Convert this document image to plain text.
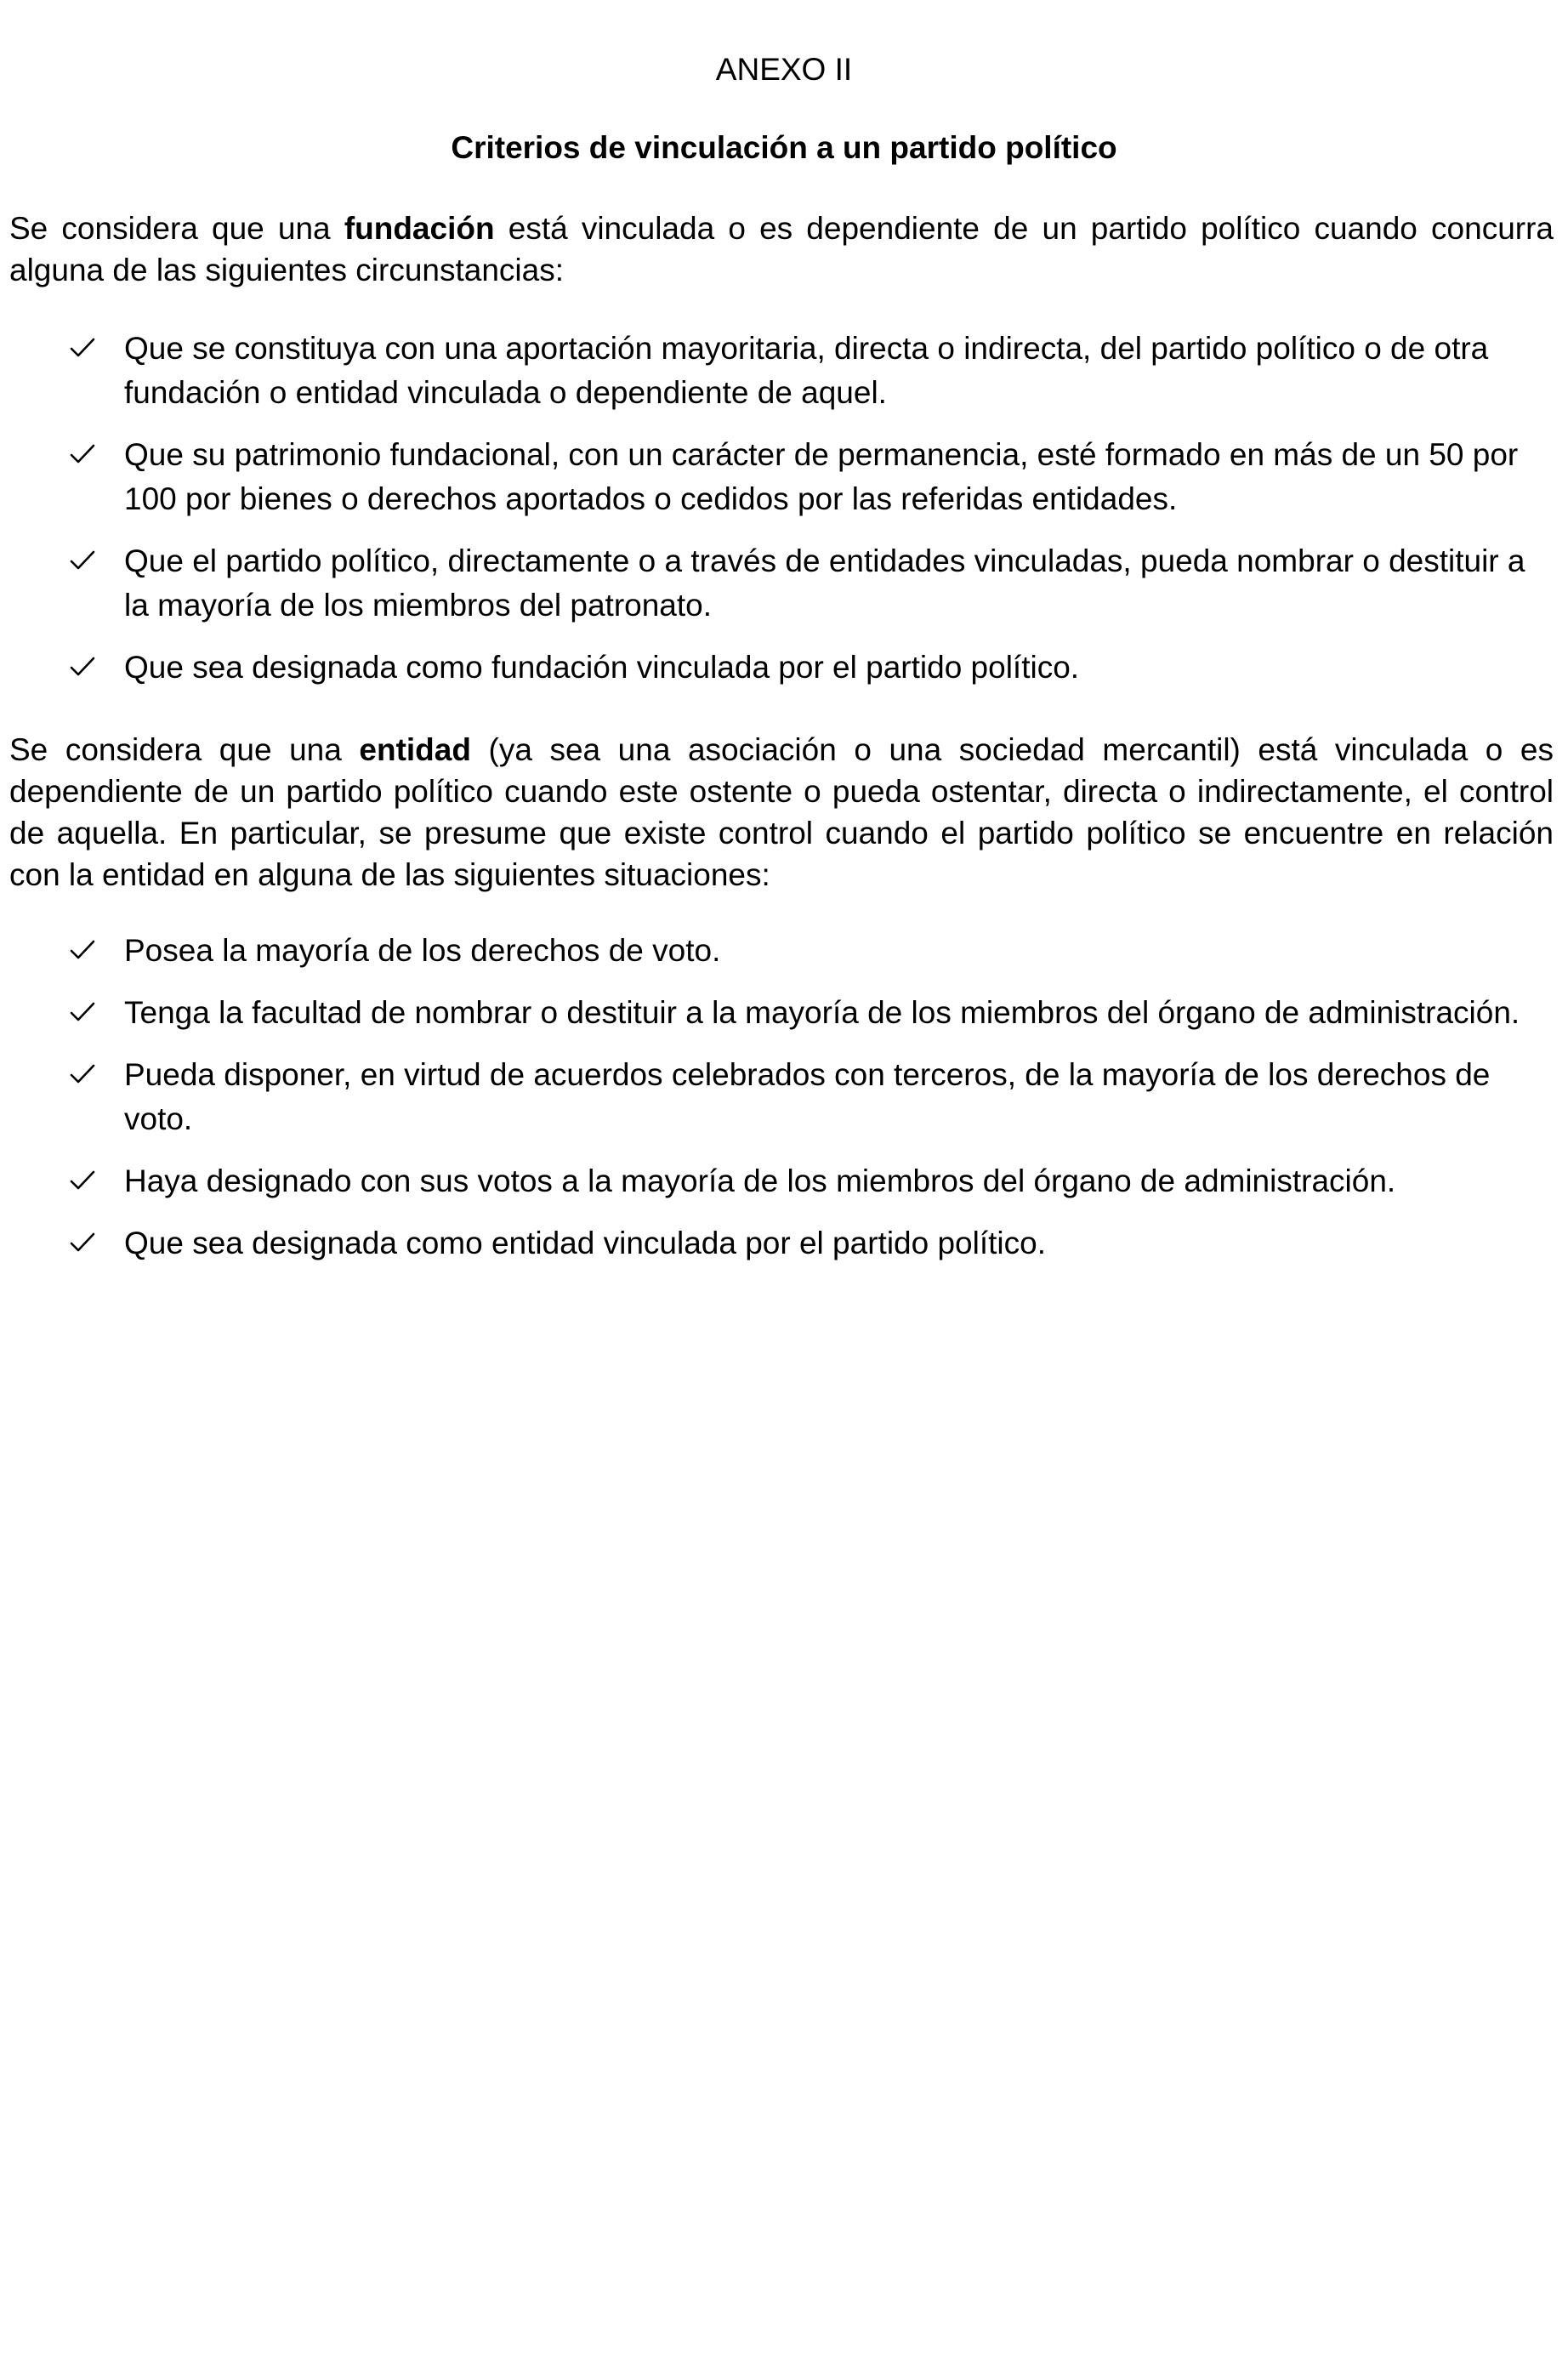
ANEXO II
Criterios de vinculación a un partido político

Se considera que una fundación está vinculada o es dependiente de un partido político cuando concurra alguna de las siguientes circunstancias:

Que se constituya con una aportación mayoritaria, directa o indirecta, del partido político o de otra fundación o entidad vinculada o dependiente de aquel.
Que su patrimonio fundacional, con un carácter de permanencia, esté formado en más de un 50 por 100 por bienes o derechos aportados o cedidos por las referidas entidades.
Que el partido político, directamente o a través de entidades vinculadas, pueda nombrar o destituir a la mayoría de los miembros del patronato.
Que sea designada como fundación vinculada por el partido político.

Se considera que una entidad (ya sea una asociación o una sociedad mercantil) está vinculada o es dependiente de un partido político cuando este ostente o pueda ostentar, directa o indirectamente, el control de aquella. En particular, se presume que existe control cuando el partido político se encuentre en relación con la entidad en alguna de las siguientes situaciones:

Posea la mayoría de los derechos de voto.
Tenga la facultad de nombrar o destituir a la mayoría de los miembros del órgano de administración.
Pueda disponer, en virtud de acuerdos celebrados con terceros, de la mayoría de los derechos de voto.
Haya designado con sus votos a la mayoría de los miembros del órgano de administración.
Que sea designada como entidad vinculada por el partido político.
